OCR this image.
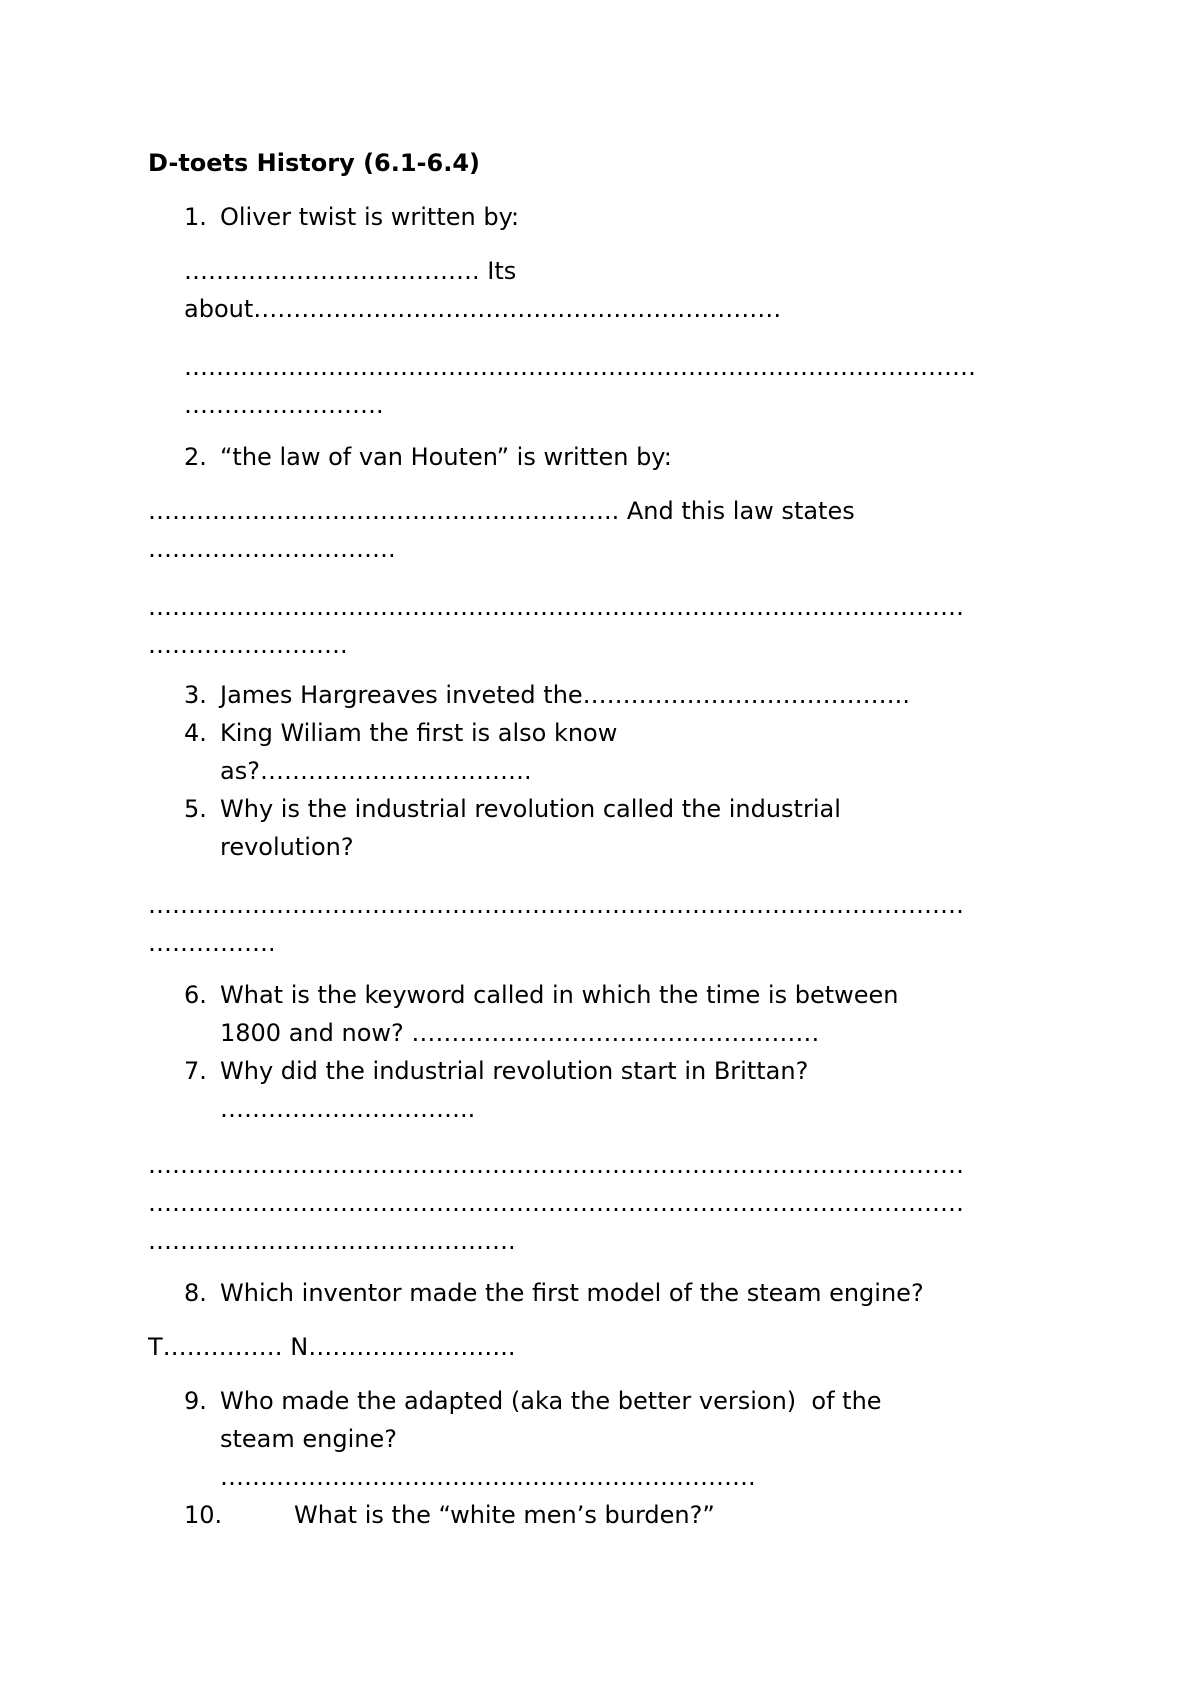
D-toets History (6.1-6.4)
1. Oliver twist is written by:
………………………………. Its
about…………………………………………………………
………………………………………………………………………………………
…………………….
2. “the law of van Houten” is written by:
………………………………………………….. And this law states
………………………….
…………………………………………………………………………………………
…………………….
3. James Hargreaves inveted the…………………………………..
4. King Wiliam the first is also know
as?…………………………….
5. Why is the industrial revolution called the industrial
revolution?
…………………………………………………………………………………………
…………….
6. What is the keyword called in which the time is between
1800 and now? ……………………………………………
7. Why did the industrial revolution start in Brittan?
…………………………..
…………………………………………………………………………………………
…………………………………………………………………………………………
……………………………………….
8. Which inventor made the first model of the steam engine?
T…………… N……………………..
9. Who made the adapted (aka the better version)  of the
steam engine?
………………………………………………………….
10.	What is the “white men’s burden?”
